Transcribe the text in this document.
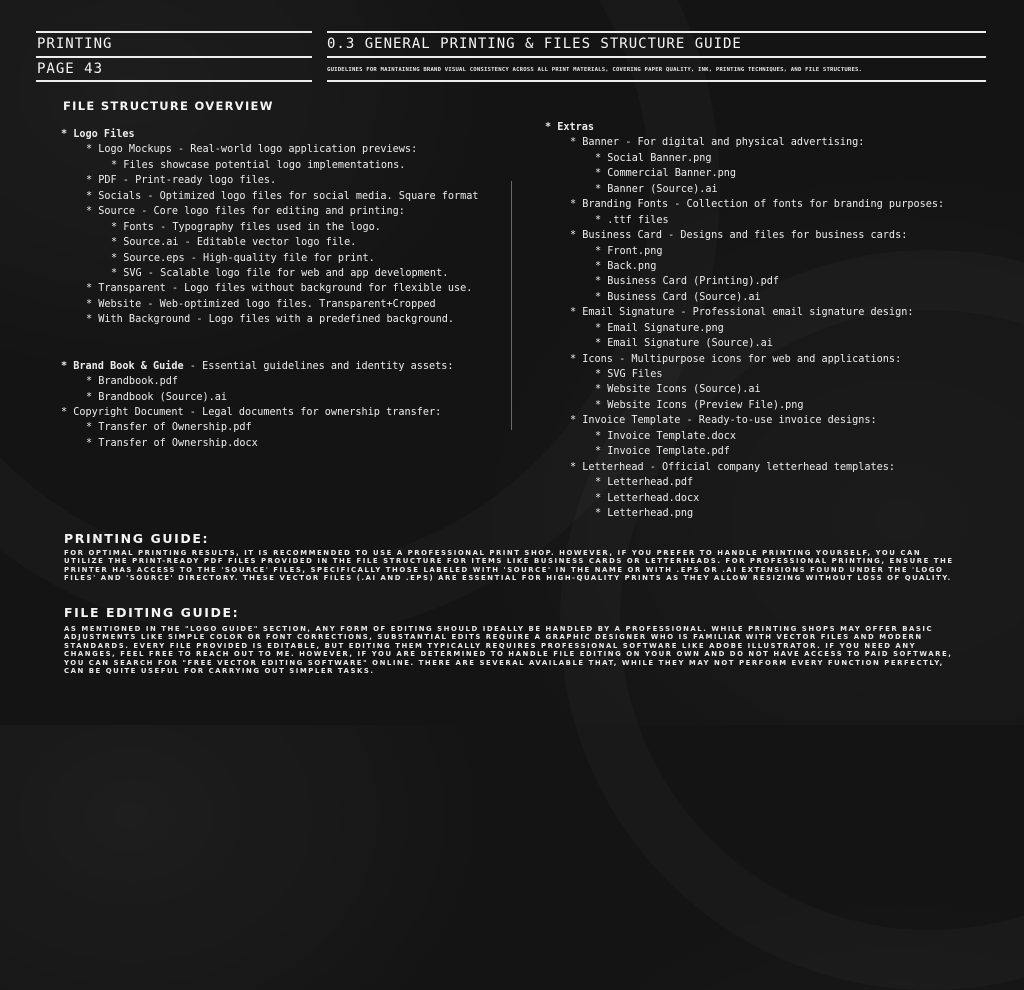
PRINTING	0.3 GENERAL PRINTING & FILES STRUCTURE GUIDE
PAGE 43	GUIDELINES FOR MAINTAINING BRAND VISUAL CONSISTENCY ACROSS ALL PRINT MATERIALS, COVERING PAPER QUALITY, INK, PRINTING TECHNIQUES, AND FILE STRUCTURES.
FILE STRUCTURE OVERVIEW
* Logo Files
* Logo Mockups - Real-world logo application previews:
* Files showcase potential logo implementations.
* PDF - Print-ready logo files.
* Socials - Optimized logo files for social media. Square format
* Source - Core logo files for editing and printing:
* Fonts - Typography files used in the logo.
* Source.ai - Editable vector logo file.
* Source.eps - High-quality file for print.
* SVG - Scalable logo file for web and app development.
* Transparent - Logo files without background for flexible use.
* Website - Web-optimized logo files. Transparent+Cropped
* With Background - Logo files with a predefined background.
* Brand Book & Guide - Essential guidelines and identity assets:
* Brandbook.pdf
* Brandbook (Source).ai
* Copyright Document - Legal documents for ownership transfer:
* Transfer of Ownership.pdf
* Transfer of Ownership.docx
* Extras
* Banner - For digital and physical advertising:
* Social Banner.png
* Commercial Banner.png
* Banner (Source).ai
* Branding Fonts - Collection of fonts for branding purposes:
* .ttf files
* Business Card - Designs and files for business cards:
* Front.png
* Back.png
* Business Card (Printing).pdf
* Business Card (Source).ai
* Email Signature - Professional email signature design:
* Email Signature.png
* Email Signature (Source).ai
* Icons - Multipurpose icons for web and applications:
* SVG Files
* Website Icons (Source).ai
* Website Icons (Preview File).png
* Invoice Template - Ready-to-use invoice designs:
* Invoice Template.docx
* Invoice Template.pdf
* Letterhead - Official company letterhead templates:
* Letterhead.pdf
* Letterhead.docx
* Letterhead.png
PRINTING GUIDE:
FOR OPTIMAL PRINTING RESULTS, IT IS RECOMMENDED TO USE A PROFESSIONAL PRINT SHOP. HOWEVER, IF YOU PREFER TO HANDLE PRINTING YOURSELF, YOU CAN UTILIZE THE PRINT-READY PDF FILES PROVIDED IN THE FILE STRUCTURE FOR ITEMS LIKE BUSINESS CARDS OR LETTERHEADS. FOR PROFESSIONAL PRINTING, ENSURE THE PRINTER HAS ACCESS TO THE 'SOURCE' FILES, SPECIFICALLY THOSE LABELED WITH 'SOURCE' IN THE NAME OR WITH .EPS OR .AI EXTENSIONS FOUND UNDER THE 'LOGO FILES' AND 'SOURCE' DIRECTORY. THESE VECTOR FILES (.AI AND .EPS) ARE ESSENTIAL FOR HIGH-QUALITY PRINTS AS THEY ALLOW RESIZING WITHOUT LOSS OF QUALITY.
FILE EDITING GUIDE:
AS MENTIONED IN THE "LOGO GUIDE" SECTION, ANY FORM OF EDITING SHOULD IDEALLY BE HANDLED BY A PROFESSIONAL. WHILE PRINTING SHOPS MAY OFFER BASIC ADJUSTMENTS LIKE SIMPLE COLOR OR FONT CORRECTIONS, SUBSTANTIAL EDITS REQUIRE A GRAPHIC DESIGNER WHO IS FAMILIAR WITH VECTOR FILES AND MODERN STANDARDS. EVERY FILE PROVIDED IS EDITABLE, BUT EDITING THEM TYPICALLY REQUIRES PROFESSIONAL SOFTWARE LIKE ADOBE ILLUSTRATOR. IF YOU NEED ANY CHANGES, FEEL FREE TO REACH OUT TO ME. HOWEVER, IF YOU ARE DETERMINED TO HANDLE FILE EDITING ON YOUR OWN AND DO NOT HAVE ACCESS TO PAID SOFTWARE, YOU CAN SEARCH FOR "FREE VECTOR EDITING SOFTWARE" ONLINE. THERE ARE SEVERAL AVAILABLE THAT, WHILE THEY MAY NOT PERFORM EVERY FUNCTION PERFECTLY, CAN BE QUITE USEFUL FOR CARRYING OUT SIMPLER TASKS.
